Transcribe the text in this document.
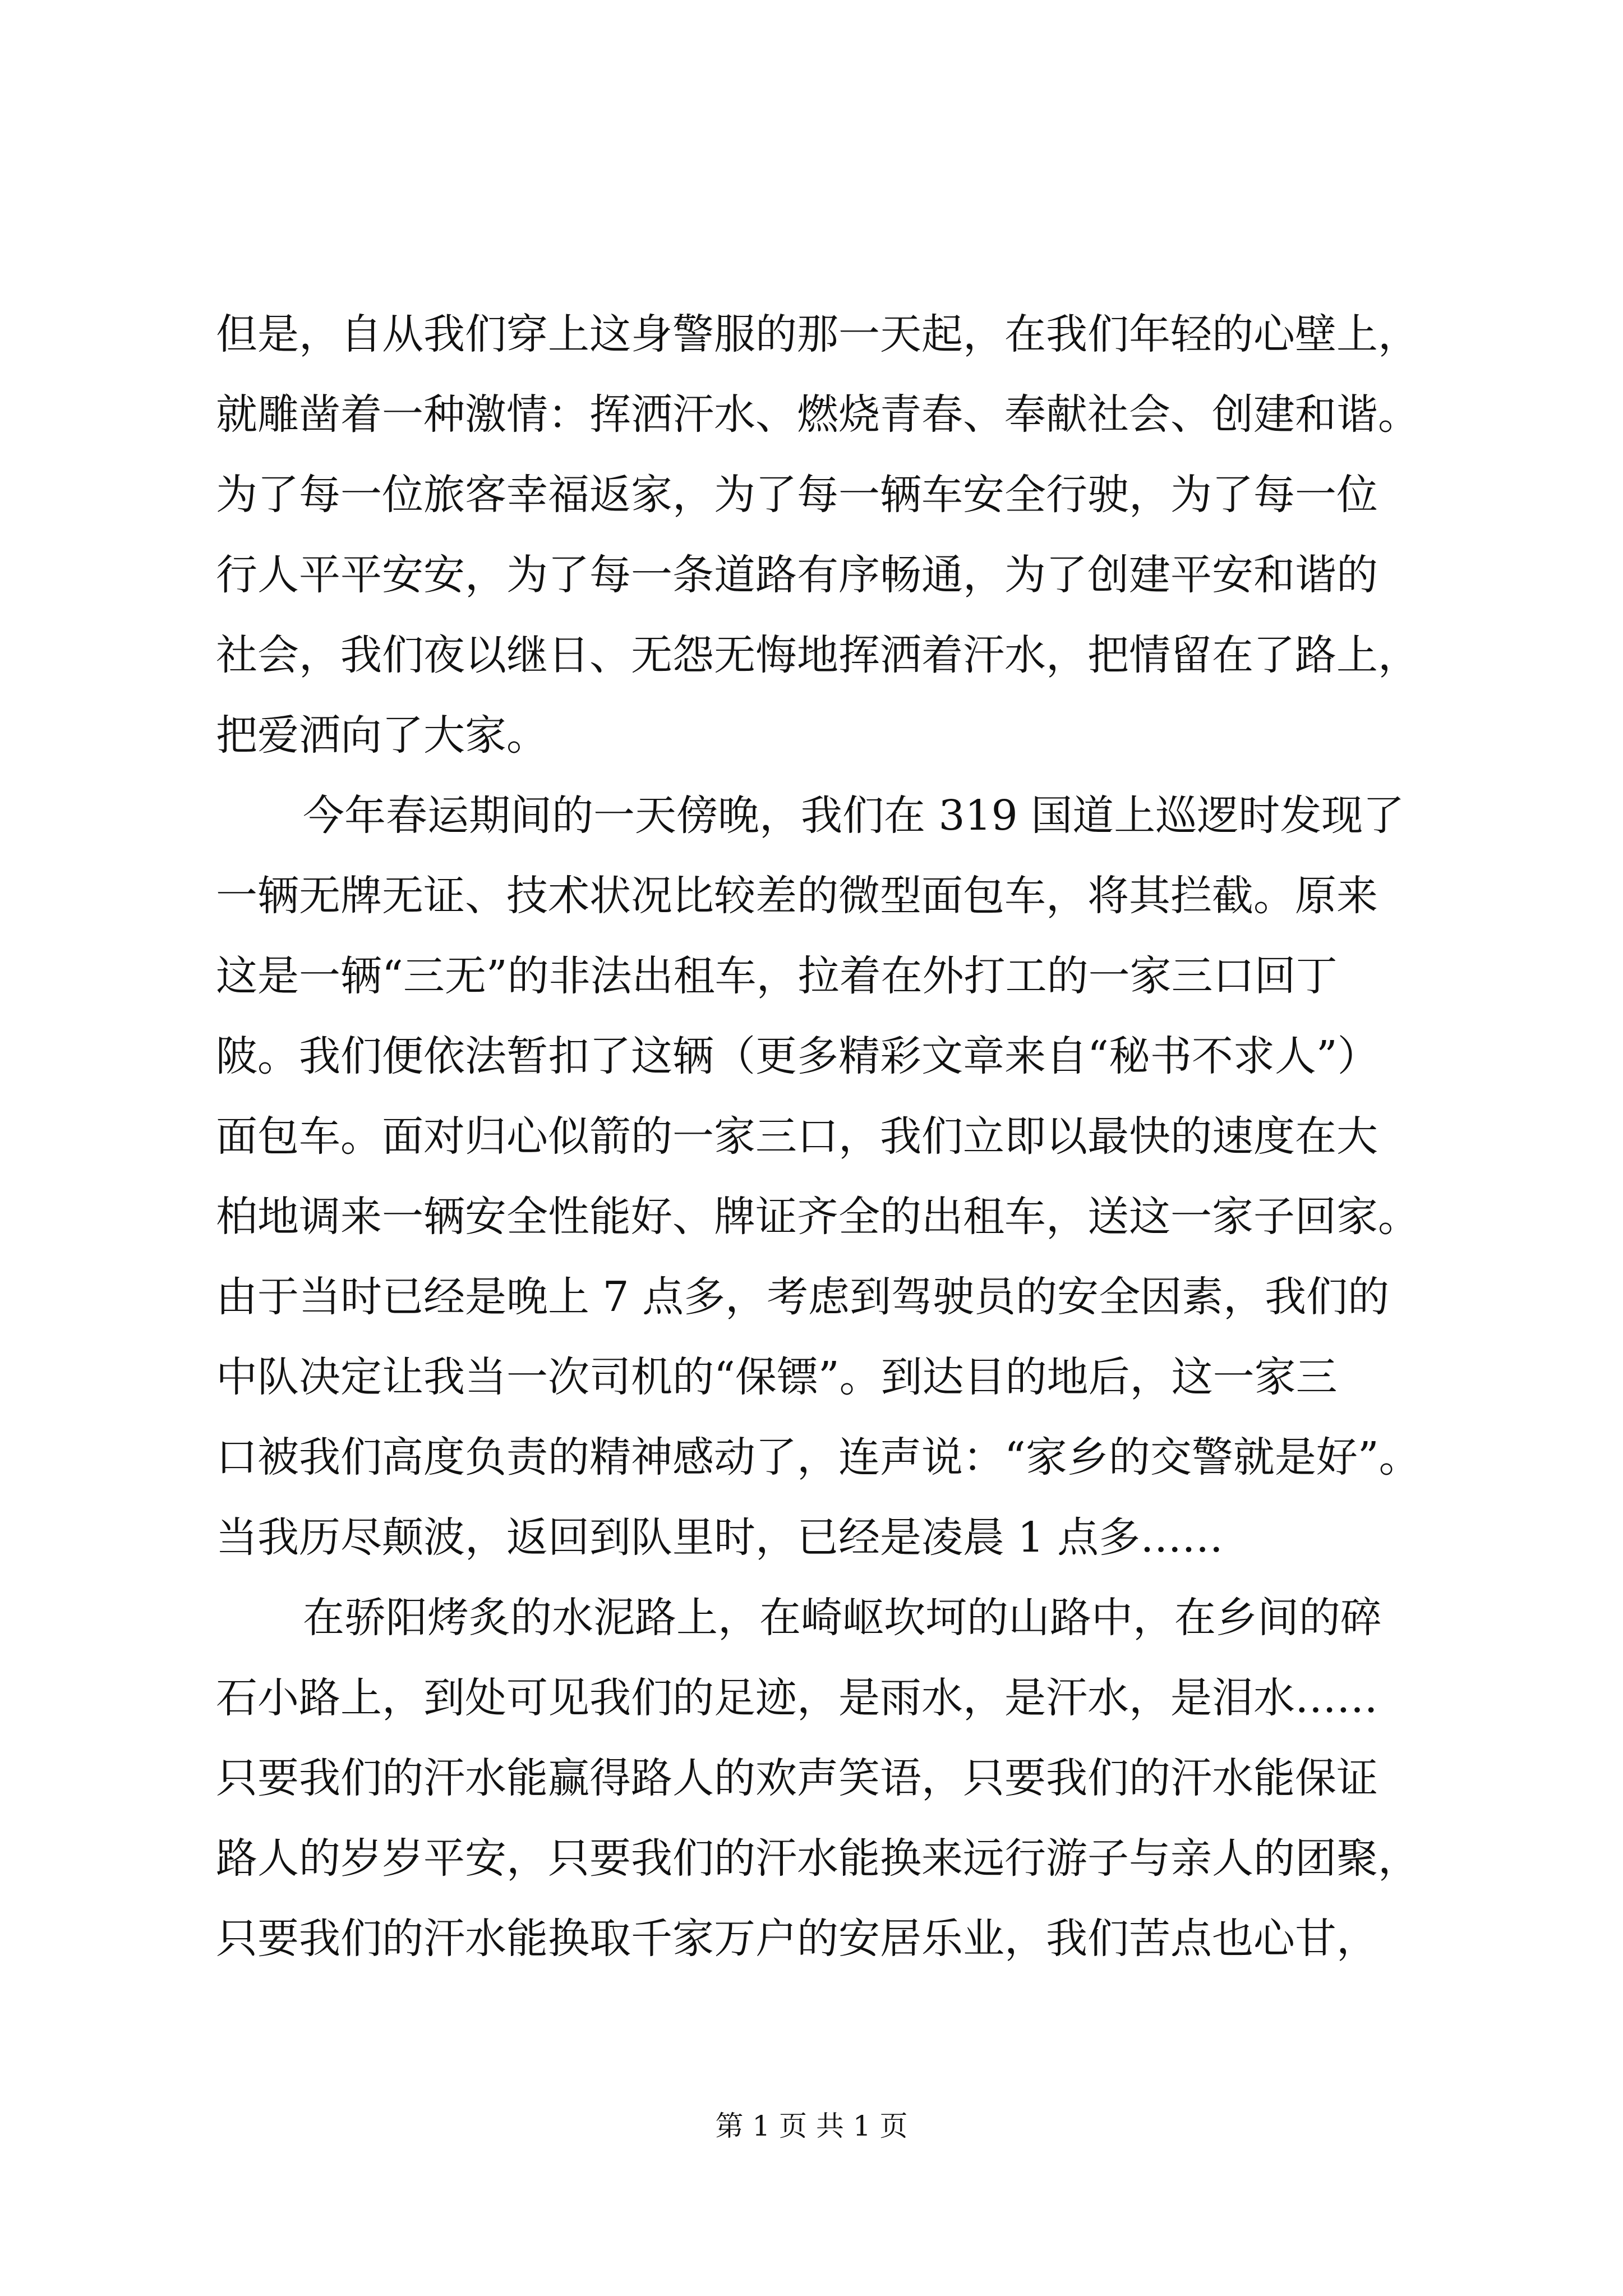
但是，自从我们穿上这身警服的那一天起，在我们年轻的心壁上，
就雕凿着一种激情：挥洒汗水、燃烧青春、奉献社会、创建和谐。
为了每一位旅客幸福返家，为了每一辆车安全行驶，为了每一位
行人平平安安，为了每一条道路有序畅通，为了创建平安和谐的
社会，我们夜以继日、无怨无悔地挥洒着汗水，把情留在了路上，
把爱洒向了大家。
今年春运期间的一天傍晚，我们在 319 国道上巡逻时发现了
一辆无牌无证、技术状况比较差的微型面包车，将其拦截。原来
这是一辆“三无”的非法出租车，拉着在外打工的一家三口回丁
陂。我们便依法暂扣了这辆（更多精彩文章来自“秘书不求人”）
面包车。面对归心似箭的一家三口，我们立即以最快的速度在大
柏地调来一辆安全性能好、牌证齐全的出租车，送这一家子回家。
由于当时已经是晚上 7 点多，考虑到驾驶员的安全因素，我们的
中队决定让我当一次司机的“保镖”。到达目的地后，这一家三
口被我们高度负责的精神感动了，连声说：“家乡的交警就是好”。
当我历尽颠波，返回到队里时，已经是凌晨 1 点多……
在骄阳烤炙的水泥路上，在崎岖坎坷的山路中，在乡间的碎
石小路上，到处可见我们的足迹，是雨水，是汗水，是泪水……
只要我们的汗水能赢得路人的欢声笑语，只要我们的汗水能保证
路人的岁岁平安，只要我们的汗水能换来远行游子与亲人的团聚，
只要我们的汗水能换取千家万户的安居乐业，我们苦点也心甘，
第 1 页 共 1 页
